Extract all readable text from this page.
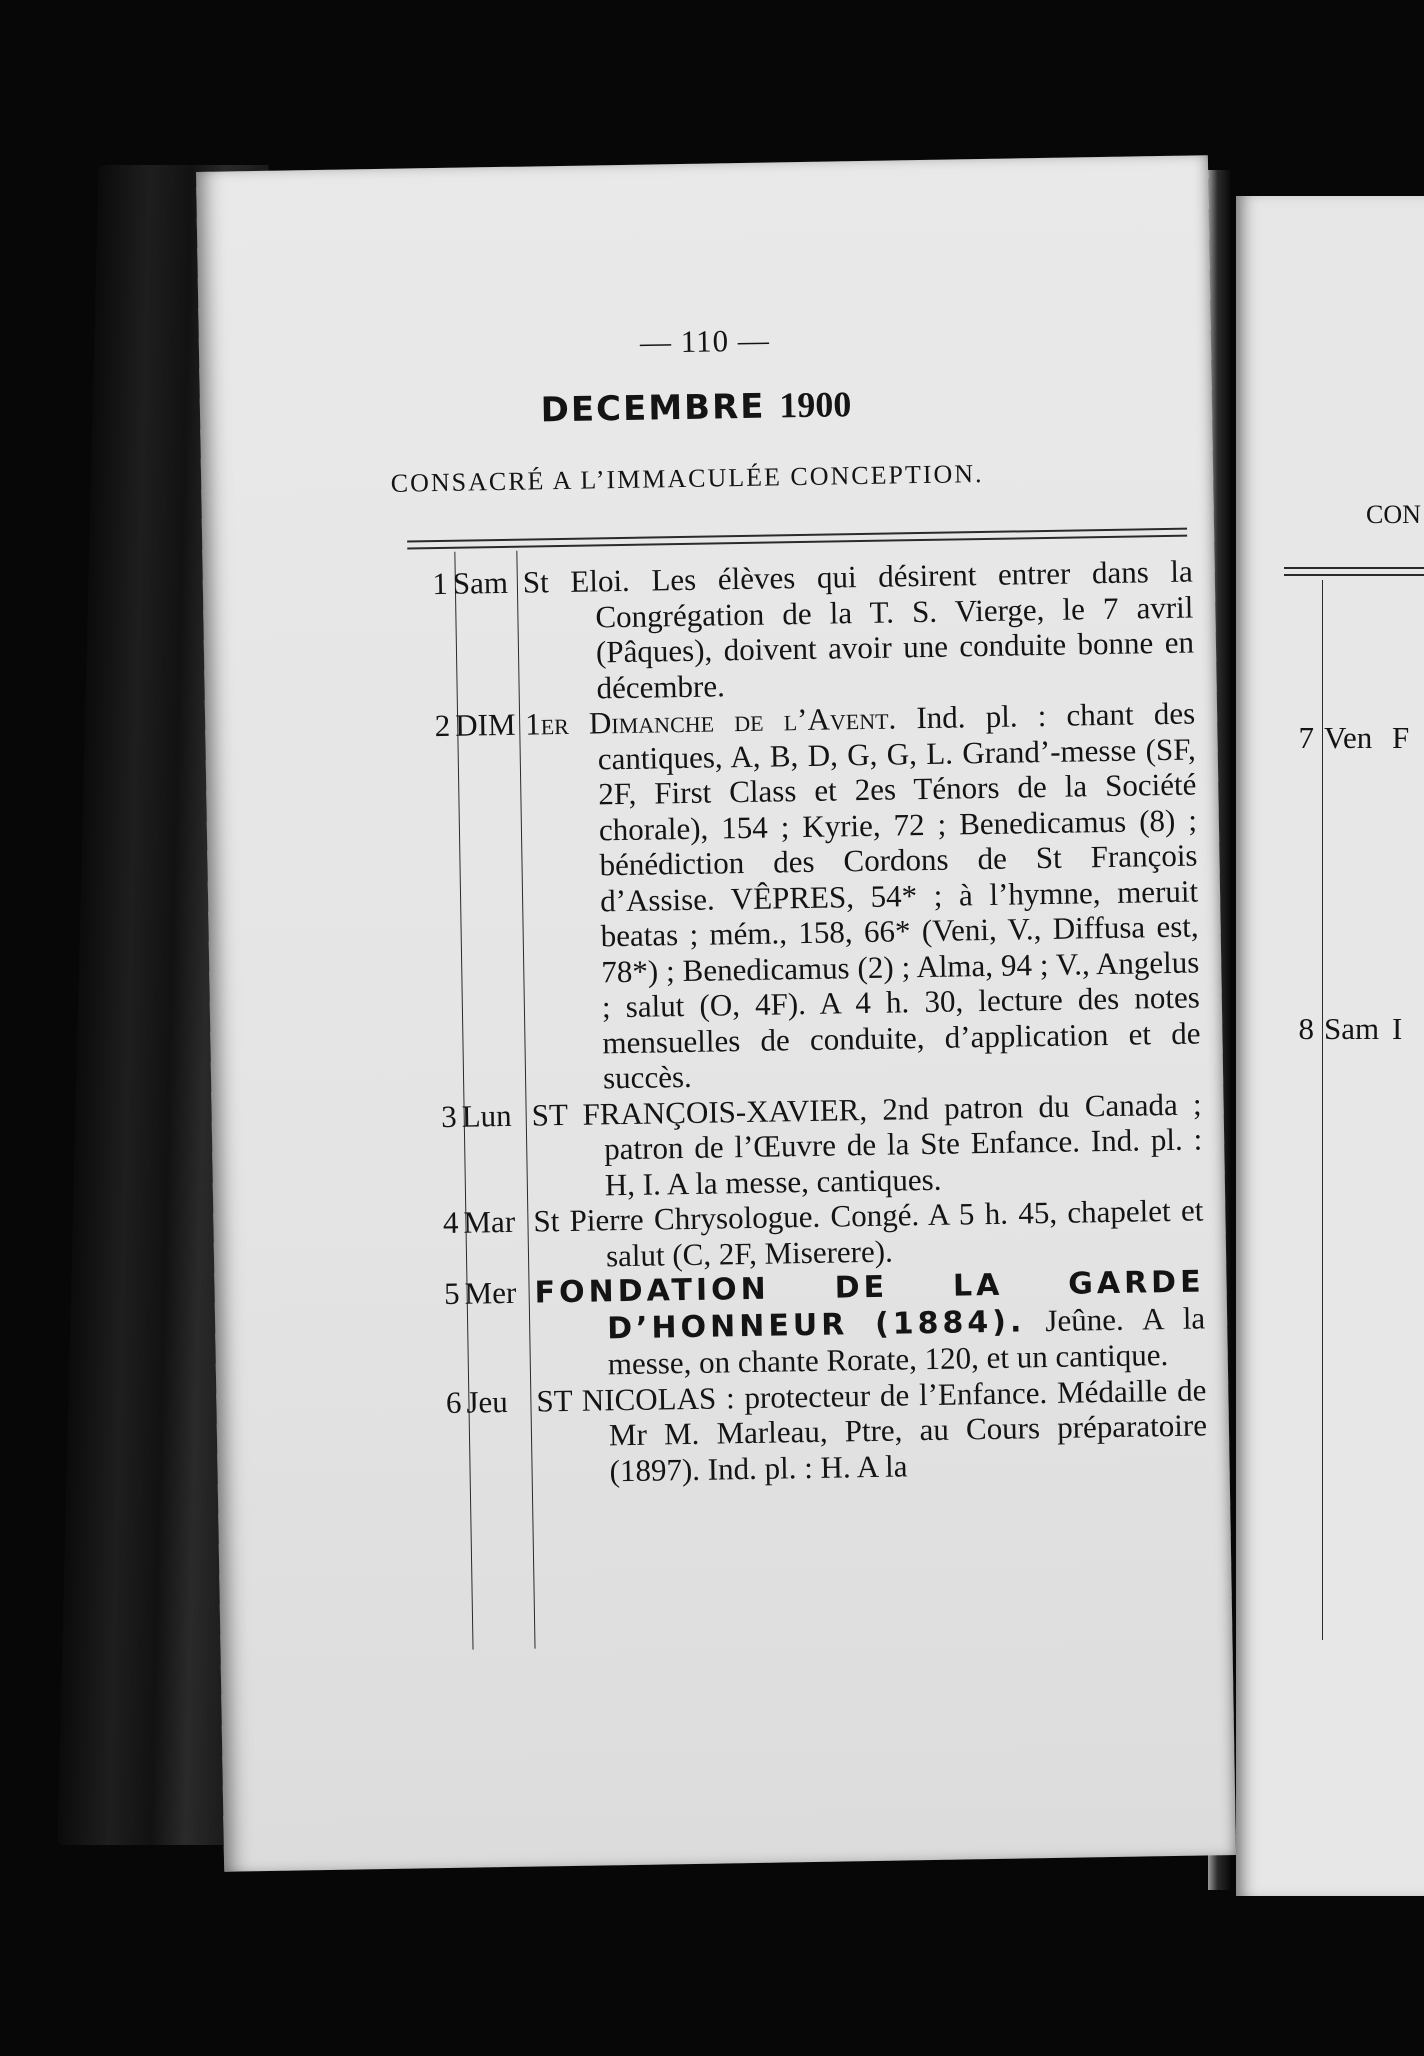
CON
7 Ven F
8 Sam I
— 110 —
DECEMBRE 1900
CONSACRÉ A L’IMMACULÉE CONCEPTION.
1 Sam St Eloi. Les élèves qui désirent entrer dans la Congrégation de la T. S. Vierge, le 7 avril (Pâques), doivent avoir une conduite bonne en décembre.
2 DIM 1er Dimanche de l’Avent. Ind. pl. : chant des cantiques, A, B, D, G, G, L. Grand’-messe (SF, 2F, First Class et 2es Ténors de la Société chorale), 154 ; Kyrie, 72 ; Benedicamus (8) ; bénédiction des Cordons de St François d’Assise. VÊPRES, 54* ; à l’hymne, meruit beatas ; mém., 158, 66* (Veni, V., Diffusa est, 78*) ; Benedicamus (2) ; Alma, 94 ; V., Angelus ; salut (O, 4F). A 4 h. 30, lecture des notes mensuelles de conduite, d’application et de succès.
3 Lun ST FRANÇOIS-XAVIER, 2nd patron du Canada ; patron de l’Œuvre de la Ste Enfance. Ind. pl. : H, I. A la messe, cantiques.
4 Mar St Pierre Chrysologue. Congé. A 5 h. 45, chapelet et salut (C, 2F, Miserere).
5 Mer FONDATION DE LA GARDE D’HONNEUR (1884). Jeûne. A la messe, on chante Rorate, 120, et un cantique.
6 Jeu ST NICOLAS : protecteur de l’Enfance. Médaille de Mr M. Marleau, Ptre, au Cours préparatoire (1897). Ind. pl. : H. A la
